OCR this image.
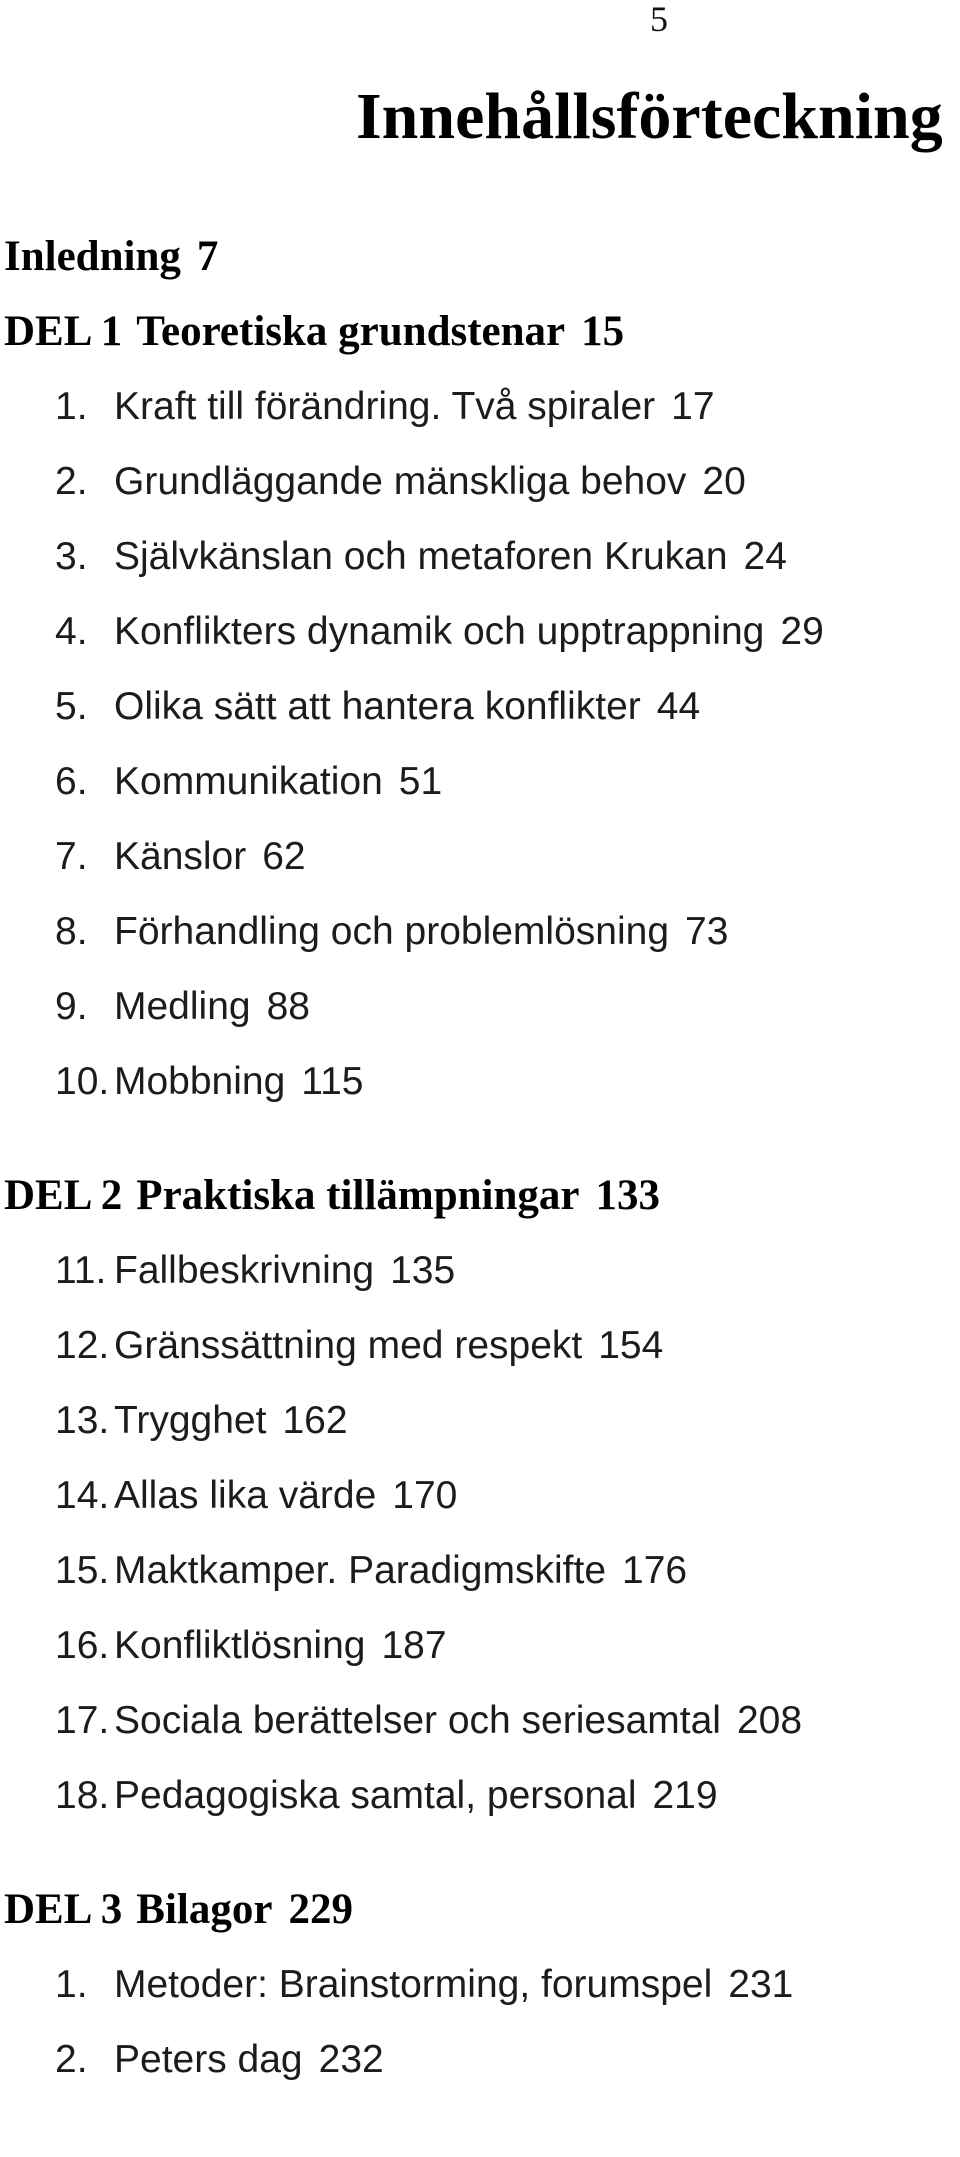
5
Innehållsförteckning
Inledning 7
DEL 1 Teoretiska grundstenar 15
1. Kraft till förändring. Två spiraler 17
2. Grundläggande mänskliga behov 20
3. Självkänslan och metaforen Krukan 24
4. Konflikters dynamik och upptrappning 29
5. Olika sätt att hantera konflikter 44
6. Kommunikation 51
7. Känslor 62
8. Förhandling och problemlösning 73
9. Medling 88
10. Mobbning 115
DEL 2 Praktiska tillämpningar 133
11. Fallbeskrivning 135
12. Gränssättning med respekt 154
13. Trygghet 162
14. Allas lika värde 170
15. Maktkamper. Paradigmskifte 176
16. Konfliktlösning 187
17. Sociala berättelser och seriesamtal 208
18. Pedagogiska samtal, personal 219
DEL 3 Bilagor 229
1. Metoder: Brainstorming, forumspel 231
2. Peters dag 232
